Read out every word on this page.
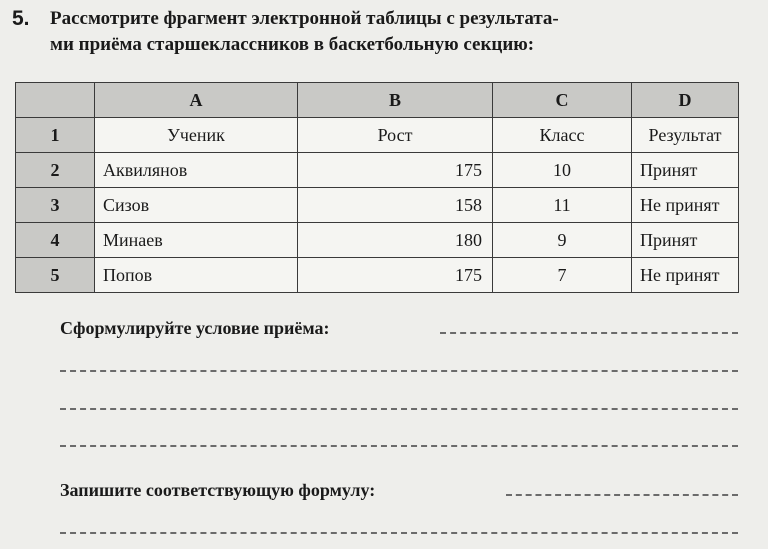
5. Рассмотрите фрагмент электронной таблицы с результата-
ми приёма старшеклассников в баскетбольную секцию:
	A	B	C	D
1	Ученик	Рост	Класс	Результат
2	Аквилянов	175	10	Принят
3	Сизов	158	11	Не принят
4	Минаев	180	9	Принят
5	Попов	175	7	Не принят
Сформулируйте условие приёма:
Запишите соответствующую формулу:
